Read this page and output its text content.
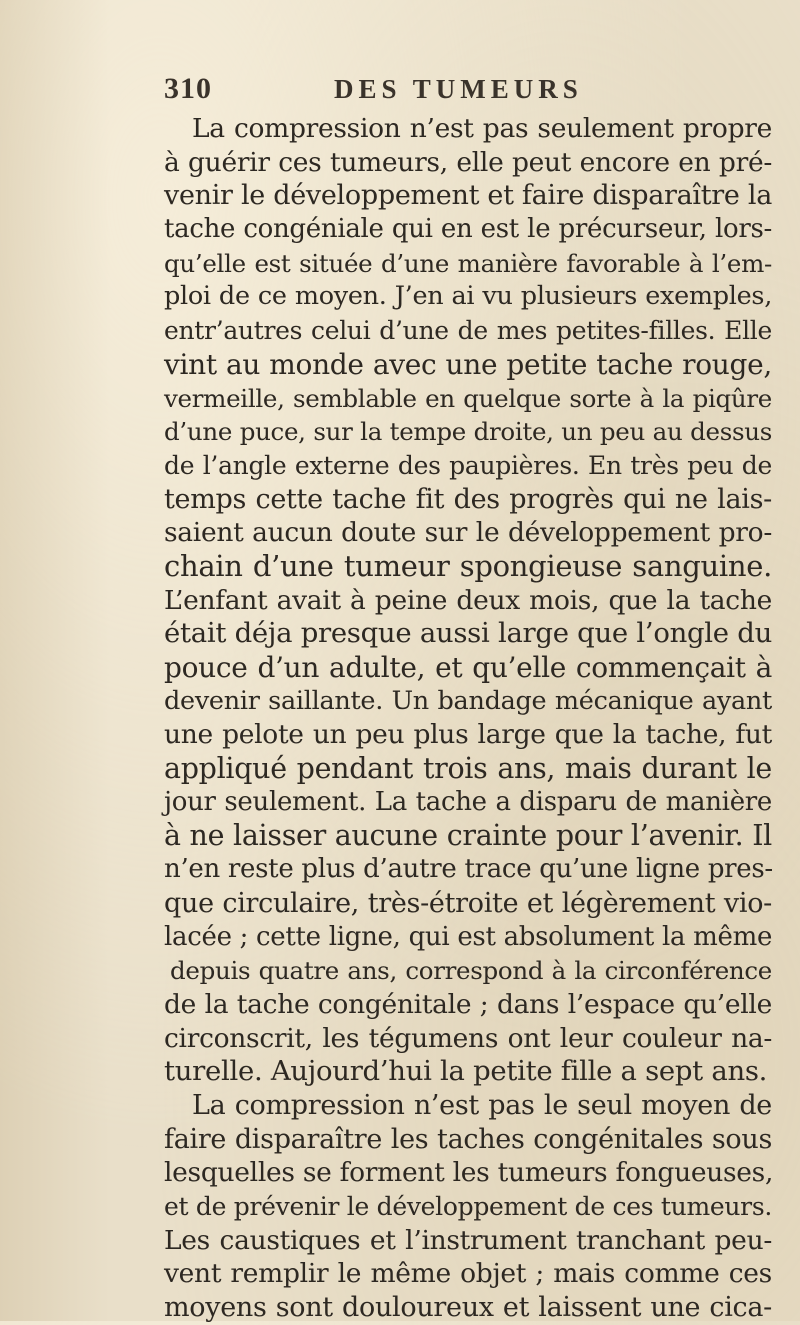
310	DES TUMEURS
La compression n’est pas seulement propre
à guérir ces tumeurs, elle peut encore en pré-
venir le développement et faire disparaître la
tache congéniale qui en est le précurseur, lors-
qu’elle est située d’une manière favorable à l’em-
ploi de ce moyen. J’en ai vu plusieurs exemples,
entr’autres celui d’une de mes petites-filles. Elle
vint au monde avec une petite tache rouge,
vermeille, semblable en quelque sorte à la piqûre
d’une puce, sur la tempe droite, un peu au dessus
de l’angle externe des paupières. En très peu de
temps cette tache fit des progrès qui ne lais-
saient aucun doute sur le développement pro-
chain d’une tumeur spongieuse sanguine.
L’enfant avait à peine deux mois, que la tache
était déja presque aussi large que l’ongle du
pouce d’un adulte, et qu’elle commençait à
devenir saillante. Un bandage mécanique ayant
une pelote un peu plus large que la tache, fut
appliqué pendant trois ans, mais durant le
jour seulement. La tache a disparu de manière
à ne laisser aucune crainte pour l’avenir. Il
n’en reste plus d’autre trace qu’une ligne pres-
que circulaire, très-étroite et légèrement vio-
lacée ; cette ligne, qui est absolument la même
depuis quatre ans, correspond à la circonférence
de la tache congénitale ; dans l’espace qu’elle
circonscrit, les tégumens ont leur couleur na-
turelle. Aujourd’hui la petite fille a sept ans.
La compression n’est pas le seul moyen de
faire disparaître les taches congénitales sous
lesquelles se forment les tumeurs fongueuses,
et de prévenir le développement de ces tumeurs.
Les caustiques et l’instrument tranchant peu-
vent remplir le même objet ; mais comme ces
moyens sont douloureux et laissent une cica-
